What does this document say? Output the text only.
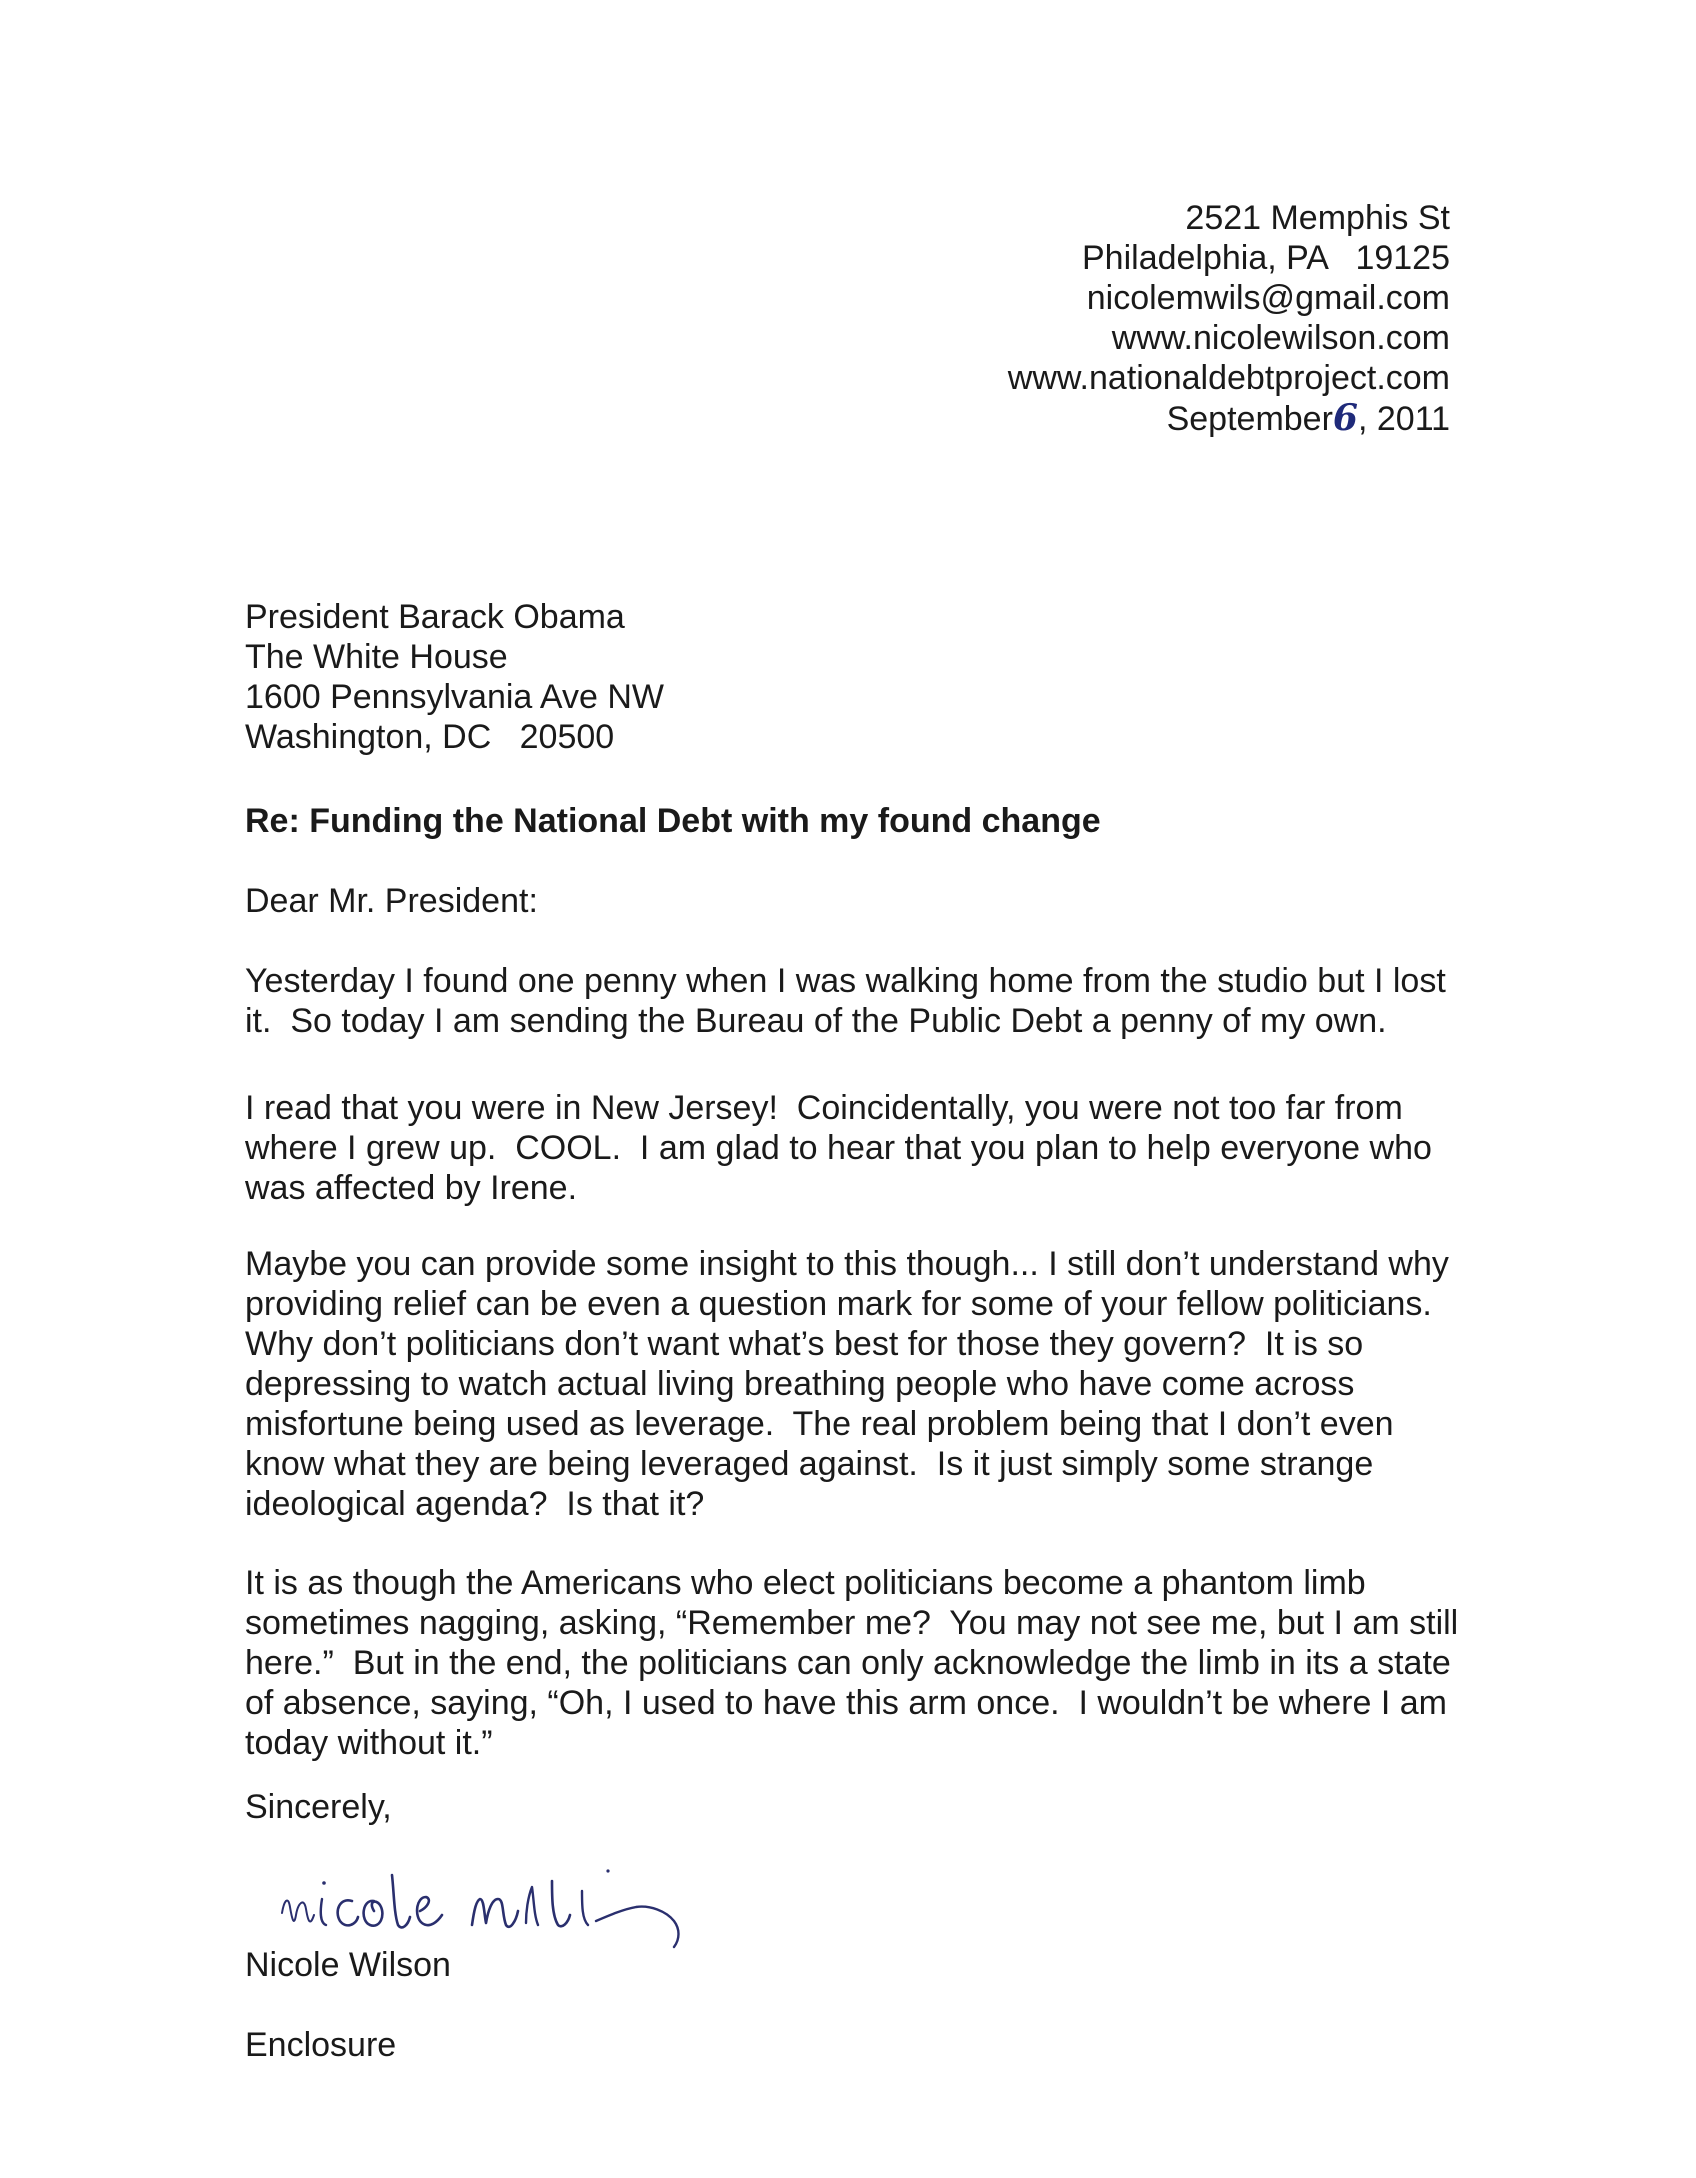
2521 Memphis St
Philadelphia, PA   19125
nicolemwils@gmail.com
www.nicolewilson.com
www.nationaldebtproject.com
September6, 2011
President Barack Obama
The White House
1600 Pennsylvania Ave NW
Washington, DC   20500
Re: Funding the National Debt with my found change
Dear Mr. President:
Yesterday I found one penny when I was walking home from the studio but I lost
it.  So today I am sending the Bureau of the Public Debt a penny of my own.
I read that you were in New Jersey!  Coincidentally, you were not too far from
where I grew up.  COOL.  I am glad to hear that you plan to help everyone who
was affected by Irene.
Maybe you can provide some insight to this though... I still don’t understand why
providing relief can be even a question mark for some of your fellow politicians.
Why don’t politicians don’t want what’s best for those they govern?  It is so
depressing to watch actual living breathing people who have come across
misfortune being used as leverage.  The real problem being that I don’t even
know what they are being leveraged against.  Is it just simply some strange
ideological agenda?  Is that it?
It is as though the Americans who elect politicians become a phantom limb
sometimes nagging, asking, “Remember me?  You may not see me, but I am still
here.”  But in the end, the politicians can only acknowledge the limb in its a state
of absence, saying, “Oh, I used to have this arm once.  I wouldn’t be where I am
today without it.”
Sincerely,
Nicole Wilson
Enclosure
